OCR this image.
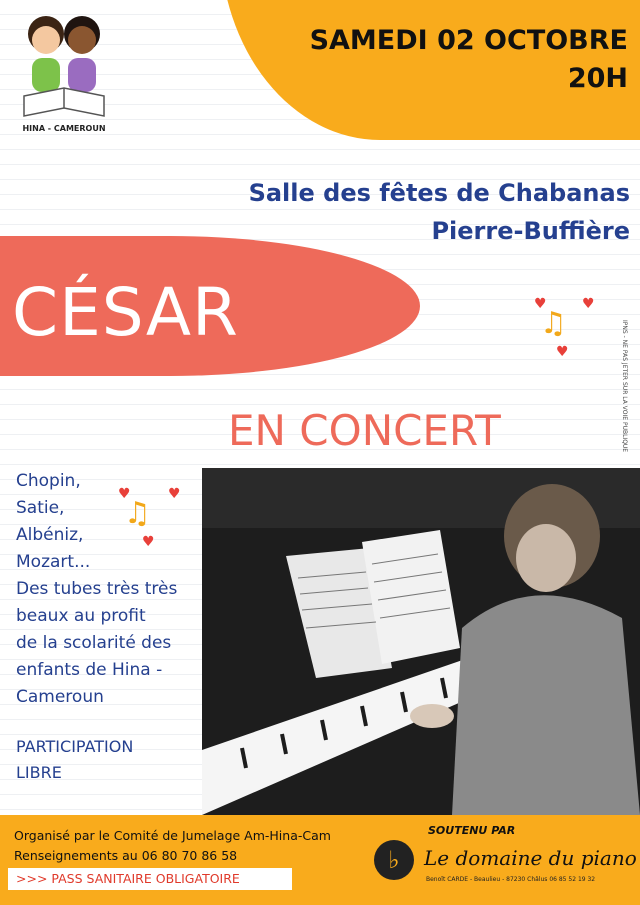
SAMEDI 02 OCTOBRE
20H
HINA - CAMEROUN
Salle des fêtes de Chabanas
Pierre-Buffière
CÉSAR	♥	♥
♥
♫	IPNS - NE PAS JETER SUR LA VOIE PUBLIQUE
EN CONCERT
♥	♥
♥
♫
Chopin,
Satie,
Albéniz,
Mozart...
Des tubes très très
beaux au profit
de la scolarité des
enfants de Hina -
Cameroun
PARTICIPATION
LIBRE
Organisé par le Comité de Jumelage Am-Hina-Cam
Renseignements au 06 80 70 86 58
>>> PASS SANITAIRE OBLIGATOIRE
SOUTENU PAR
♭ Le domaine du piano
Benoît CARDE - Beaulieu - 87230 Châlus 06 85 52 19 32
